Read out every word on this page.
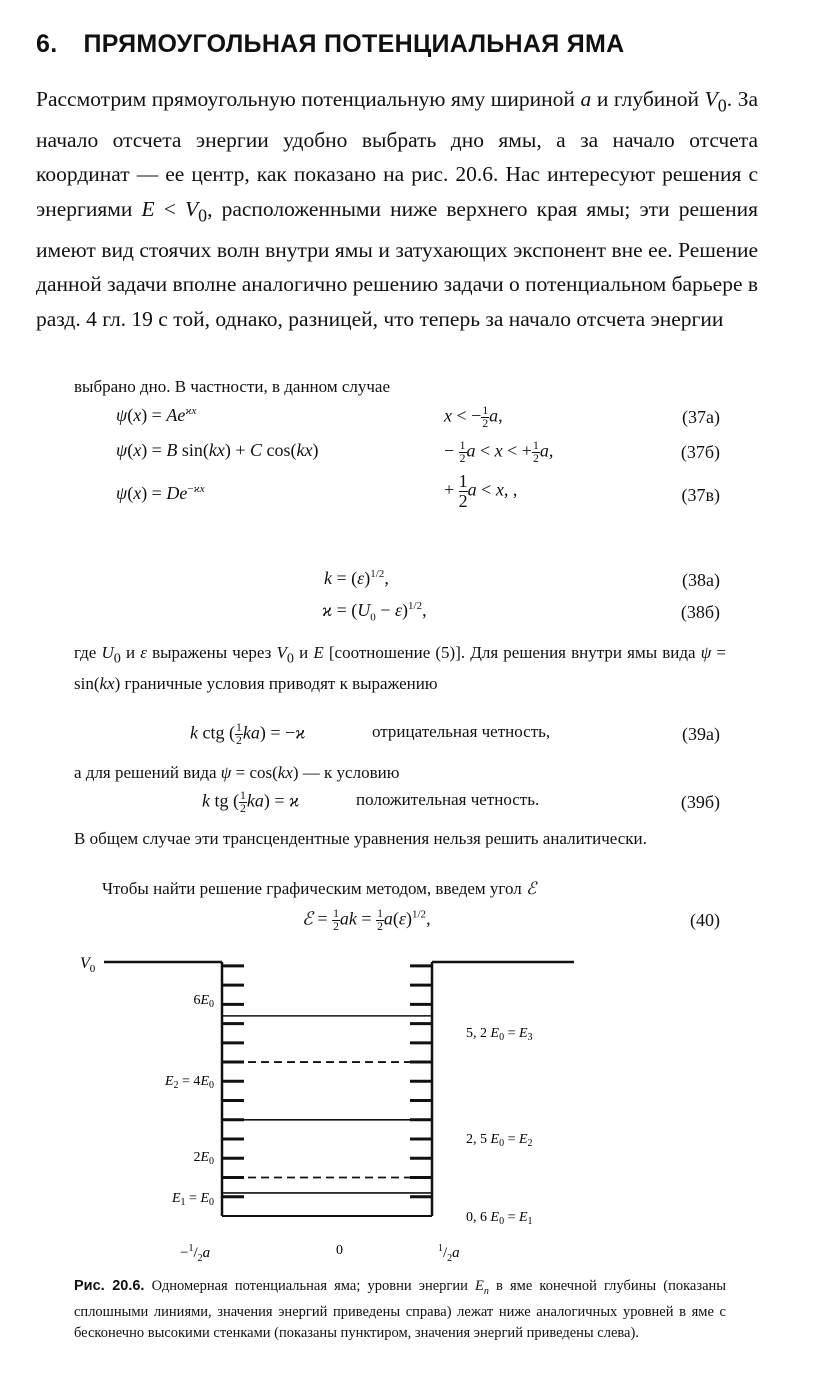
6. ПРЯМОУГОЛЬНАЯ ПОТЕНЦИАЛЬНАЯ ЯМА

Рассмотрим прямоугольную потенциальную яму шириной a и глубиной $V_0$. За начало отсчета энергии удобно выбрать дно ямы, а за начало отсчета координат — ее центр, как показано на рис. 20.6. Нас интересуют решения с энергиями $E < V_0$, расположенными ниже верхнего края ямы; эти решения имеют вид стоячих волн внутри ямы и затухающих экспонент вне ее. Решение данной задачи вполне аналогично решению задачи о потенциальном барьере в разд. 4 гл. 19 с той, однако, разницей, что теперь за начало отсчета энергии

выбрано дно. В частности, в данном случае

$\psi(x) = Ae^{ϰx}$	x < − $\frac{1}{2} a$,	(37а)
ψ(x) = B sin(kx) + C cos(kx)	− $\frac{1}{2}$ a < x < + $\frac{1}{2} a$,	(37б)
$\psi(x) = De^{-ϰx}$	+ $\frac{1}{2}$ a < x, ,	(37в)
$k = (\varepsilon)^{1/2}$,	(38а)
$ϰ = (U_0 - \varepsilon)^{1/2}$,	(38б)

где $U_0$ и ε выражены через $V_0$ и E [соотношение (5)]. Для решения внутри ямы вида ψ = sin(kx) граничные условия приводят к выражению

k ctg ( $\frac{1}{2} ka) = -ϰ$	отрицательная четность,	(39а)

а для решений вида ψ = cos(kx) — к условию

k tg ( $\frac{1}{2} ka) = ϰ$	положительная четность.	(39б)

В общем случае эти трансцендентные уравнения нельзя решить аналитически.

Чтобы найти решение графическим методом, введем угол ℰ

ℰ = $\frac{1}{2}$ ak = $\frac{1}{2} a(\varepsilon)^{1/2}$,	(40)
$V_0$
$6E_0$
$E_2 = 4E_0$
$2E_0$
$E_1 = E_0$
5, 2 $E_0 = E_3$
2, 5 $E_0 = E_2$
0, 6 $E_0 = E_1$
$-^1/_2a$	0	$^1/_2a$
Рис. 20.6. Одномерная потенциальная яма; уровни энергии $E_n$ в яме конечной глубины (показаны сплошными линиями, значения энергий приведены справа) лежат ниже аналогичных уровней в яме с бесконечно высокими стенками (показаны пунктиром, значения энергий приведены слева).
